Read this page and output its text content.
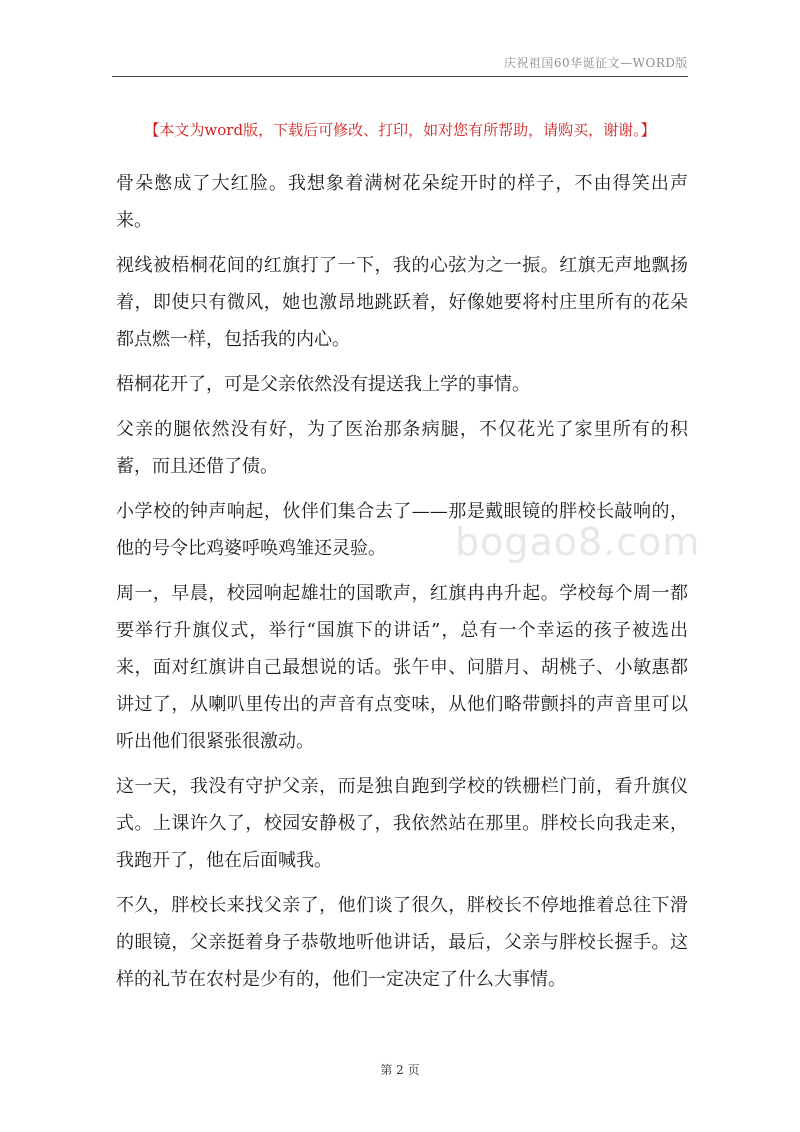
庆祝祖国60华诞征文—WORD版
【本文为word版，下载后可修改、打印，如对您有所帮助，请购买，谢谢。】

骨朵憋成了大红脸。我想象着满树花朵绽开时的样子，不由得笑出声来。

视线被梧桐花间的红旗打了一下，我的心弦为之一振。红旗无声地飘扬着，即使只有微风，她也激昂地跳跃着，好像她要将村庄里所有的花朵都点燃一样，包括我的内心。

梧桐花开了，可是父亲依然没有提送我上学的事情。

父亲的腿依然没有好，为了医治那条病腿，不仅花光了家里所有的积蓄，而且还借了债。

小学校的钟声响起，伙伴们集合去了——那是戴眼镜的胖校长敲响的，他的号令比鸡婆呼唤鸡雏还灵验。

周一，早晨，校园响起雄壮的国歌声，红旗冉冉升起。学校每个周一都要举行升旗仪式，举行“国旗下的讲话”，总有一个幸运的孩子被选出来，面对红旗讲自己最想说的话。张午申、问腊月、胡桃子、小敏惠都讲过了，从喇叭里传出的声音有点变味，从他们略带颤抖的声音里可以听出他们很紧张很激动。

这一天，我没有守护父亲，而是独自跑到学校的铁栅栏门前，看升旗仪式。上课许久了，校园安静极了，我依然站在那里。胖校长向我走来，我跑开了，他在后面喊我。

不久，胖校长来找父亲了，他们谈了很久，胖校长不停地推着总往下滑的眼镜，父亲挺着身子恭敬地听他讲话，最后，父亲与胖校长握手。这样的礼节在农村是少有的，他们一定决定了什么大事情。

bogao8.com
第 2 页
